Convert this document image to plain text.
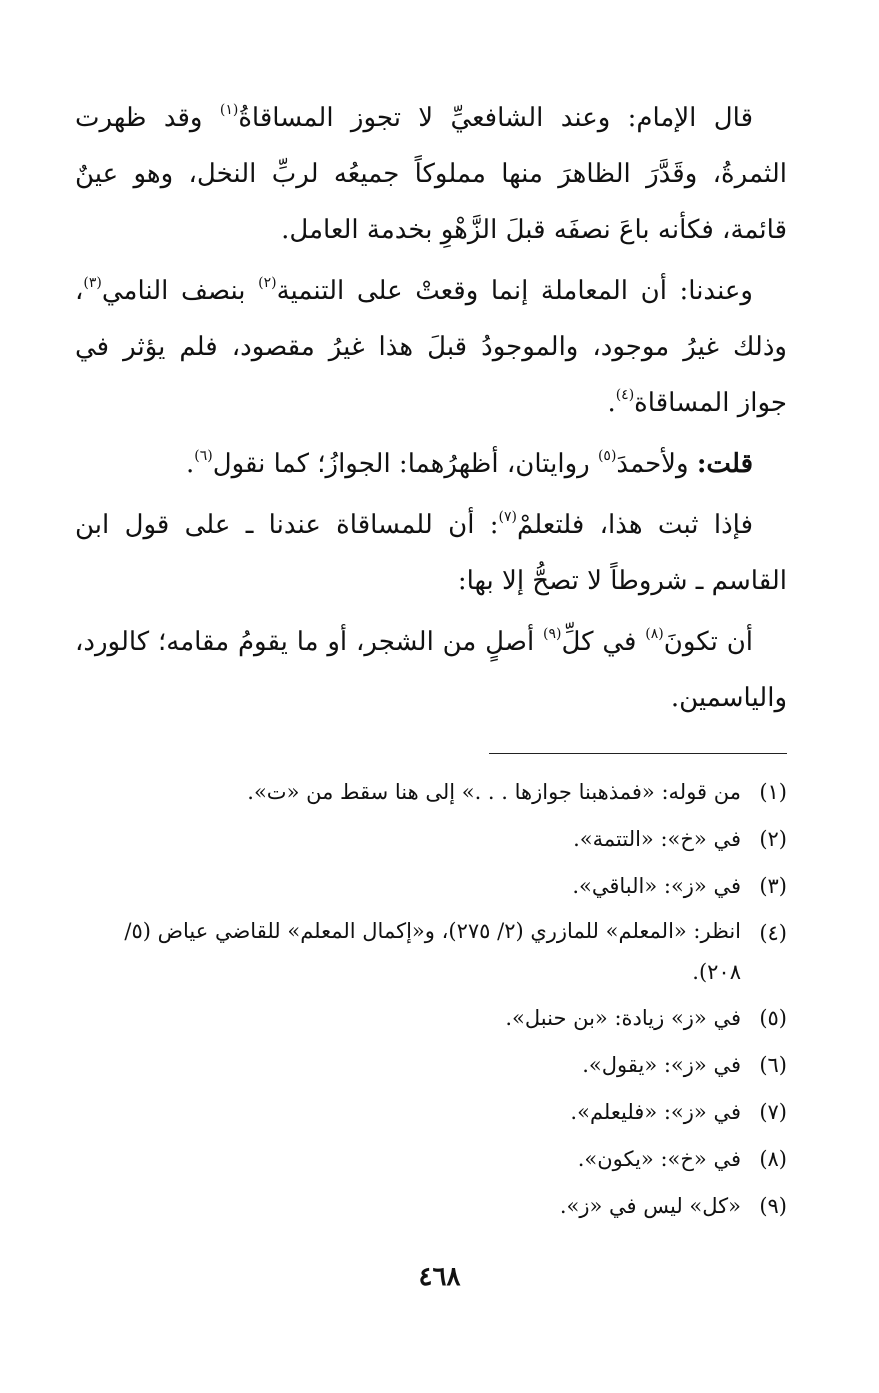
قال الإمام: وعند الشافعيِّ لا تجوز المساقاةُ$^{(١)}$ وقد ظهرت الثمرةُ، وقَدَّرَ الظاهرَ منها مملوكاً جميعُه لربِّ النخل، وهو عينٌ قائمة، فكأنه باعَ نصفَه قبلَ الزَّهْوِ بخدمة العامل.

وعندنا: أن المعاملة إنما وقعتْ على التنمية$^{(٢)}$ بنصف النامي$^{(٣)}$، وذلك غيرُ موجود، والموجودُ قبلَ هذا غيرُ مقصود، فلم يؤثر في جواز المساقاة$^{(٤)}$.

قلت: ولأحمدَ$^{(٥)}$ روايتان، أظهرُهما: الجوازُ؛ كما نقول$^{(٦)}$.

فإذا ثبت هذا، فلتعلمْ$^{(٧)}$: أن للمساقاة عندنا ـ على قول ابن القاسم ـ شروطاً لا تصحُّ إلا بها:

أن تكونَ$^{(٨)}$ في كلِّ$^{(٩)}$ أصلٍ من الشجر، أو ما يقومُ مقامه؛ كالورد، والياسمين.

(١)
من قوله: «فمذهبنا جوازها . . .» إلى هنا سقط من «ت».
(٢)
في «خ»: «التتمة».
(٣)
في «ز»: «الباقي».
(٤)
انظر: «المعلم» للمازري (٢/ ٢٧٥)، و«إكمال المعلم» للقاضي عياض (٥/ ٢٠٨).
(٥)
في «ز» زيادة: «بن حنبل».
(٦)
في «ز»: «يقول».
(٧)
في «ز»: «فليعلم».
(٨)
في «خ»: «يكون».
(٩)
«كل» ليس في «ز».
٤٦٨
